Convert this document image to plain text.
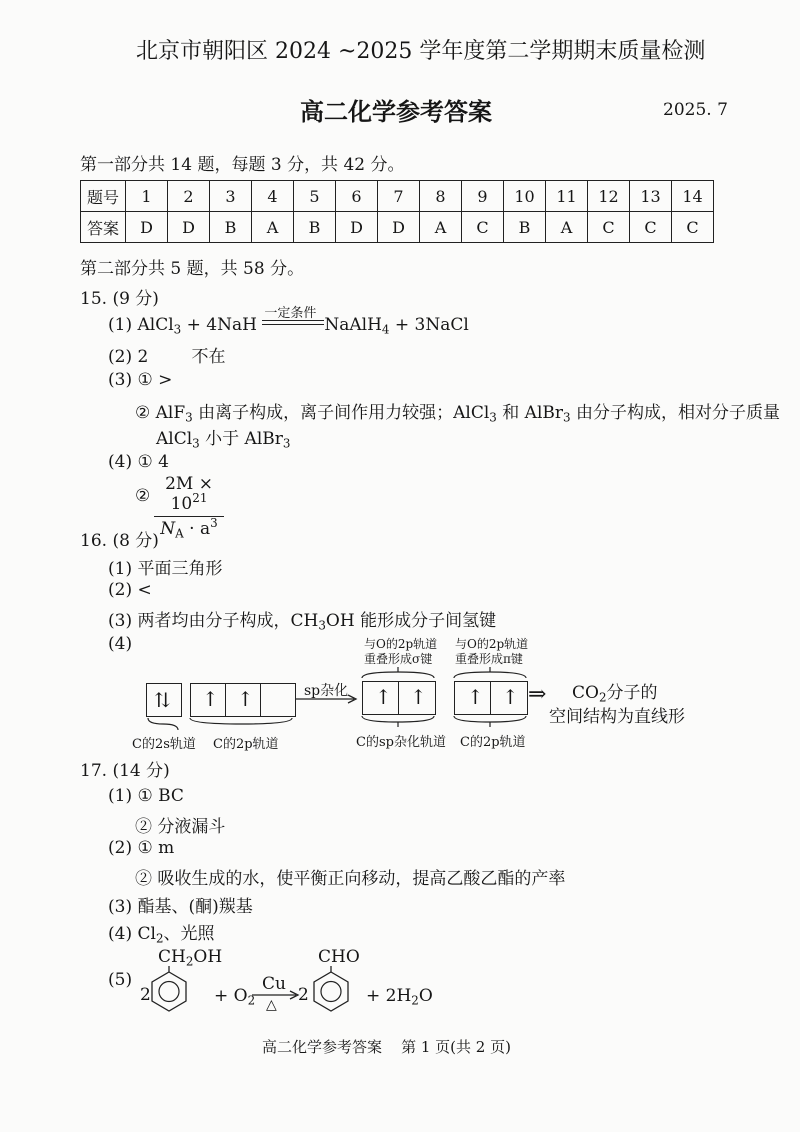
北京市朝阳区 2024 ~2025 学年度第二学期期末质量检测
高二化学参考答案	2025. 7
第一部分共 14 题，每题 3 分，共 42 分。
题号	1	2	3	4	5	6	7	8	9	10	11	12	13	14
答案	D	D	B	A	B	D	D	A	C	B	A	C	C	C
第二部分共 5 题，共 58 分。
15. (9 分)
(1) AlCl$_3$ + 4NaH
一定条件
NaAlH$_4$ + 3NaCl
(2) 2        不在
(3) ① >
② AlF$_3$ 由离子构成，离子间作用力较强；AlCl$_3$ 和 AlBr$_3$ 由分子构成，相对分子质量
AlCl$_3$ 小于 AlBr$_3$
(4) ① 4
② $\frac{2M \times 10^{21}}{N_A \cdot a^3}$
16. (8 分)
(1) 平面三角形
(2) <
(3) 两者均由分子构成，$CH_3OH$ 能形成分子间氢键
(4)
⇅ ↑ ↑
C的2s轨道 C的2p轨道
sp杂化
与O的2p轨道
重叠形成σ键
↑ ↑
C的sp杂化轨道
与O的2p轨道
重叠形成π键
↑ ↑
C的2p轨道
⇒ $CO_2$分子的
空间结构为直线形
17. (14 分)
(1) ① BC
② 分液漏斗
(2) ① m
② 吸收生成的水，使平衡正向移动，提高乙酸乙酯的产率
(3) 酯基、(酮)羰基
(4) $Cl_2$、光照
(5)
2
$CH_2OH$
+ $O_2$
Cu
△ 2
CHO
+ $2H_2O$
高二化学参考答案    第 1 页(共 2 页)
